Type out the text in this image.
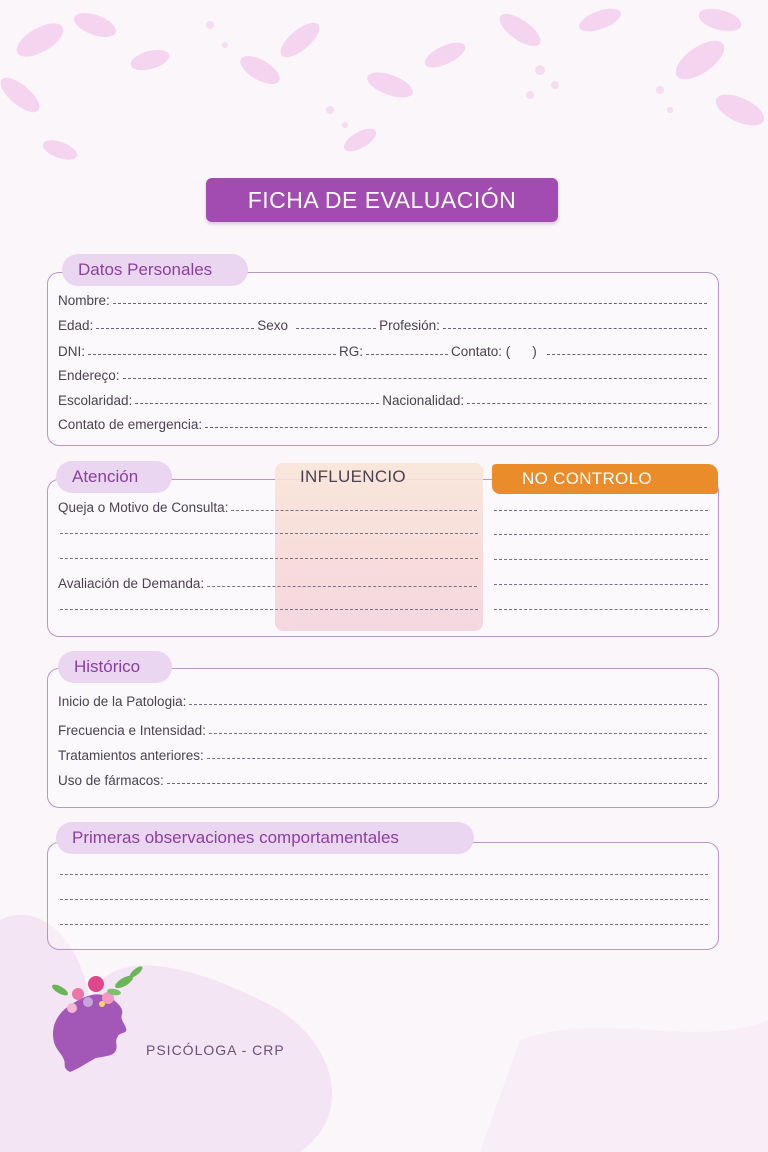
FICHA DE EVALUACIÓN
Datos Personales
Nombre:
Edad:	Sexo	Profesión:
DNI:	RG:	Contato: ( )
Endereço:
Escolaridad:	Nacionalidad:
Contato de emergencia:
INFLUENCIO	NO CONTROLO
Atención
Queja o Motivo de Consulta:
Avaliación de Demanda:
Histórico
Inicio de la Patologia:
Frecuencia e Intensidad:
Tratamientos anteriores:
Uso de fármacos:
Primeras observaciones comportamentales
PSICÓLOGA - CRP
